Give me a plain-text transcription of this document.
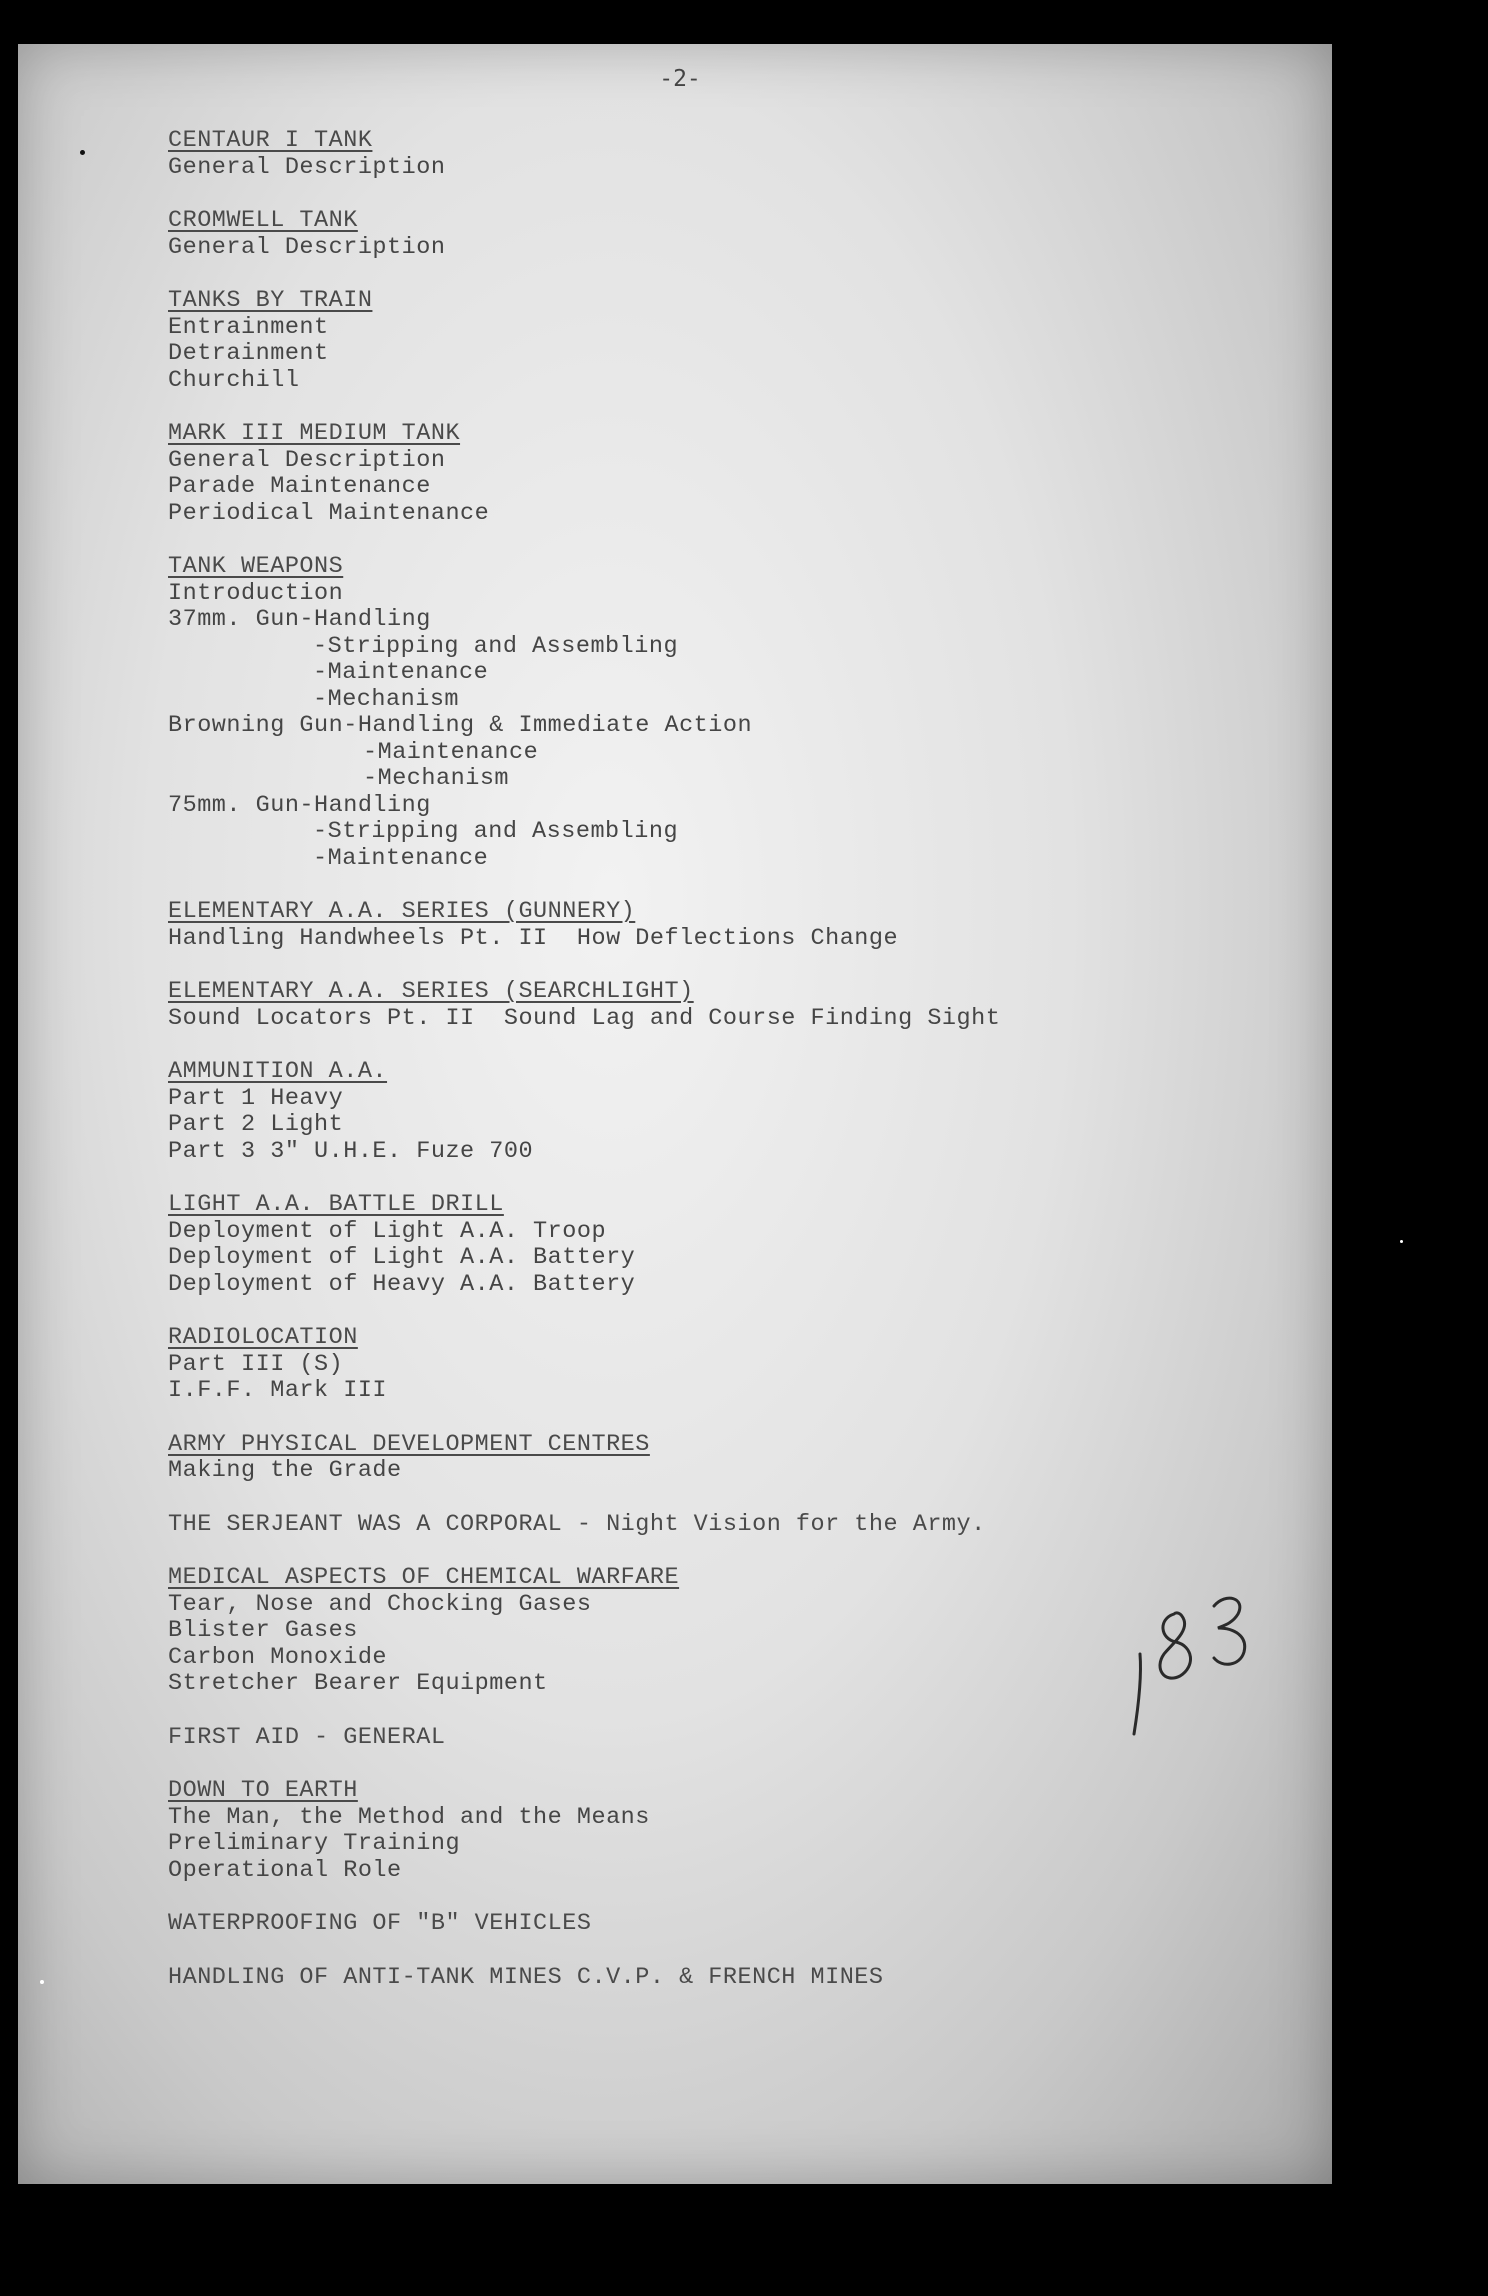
-2-
CENTAUR I TANK
General Description
CROMWELL TANK
General Description
TANKS BY TRAIN
Entrainment
Detrainment
Churchill
MARK III MEDIUM TANK
General Description
Parade Maintenance
Periodical Maintenance
TANK WEAPONS
Introduction
37mm. Gun-Handling
-Stripping and Assembling
-Maintenance
-Mechanism
Browning Gun-Handling & Immediate Action
-Maintenance
-Mechanism
75mm. Gun-Handling
-Stripping and Assembling
-Maintenance
ELEMENTARY A.A. SERIES (GUNNERY)
Handling Handwheels Pt. II  How Deflections Change
ELEMENTARY A.A. SERIES (SEARCHLIGHT)
Sound Locators Pt. II  Sound Lag and Course Finding Sight
AMMUNITION A.A.
Part 1 Heavy
Part 2 Light
Part 3 3" U.H.E. Fuze 700
LIGHT A.A. BATTLE DRILL
Deployment of Light A.A. Troop
Deployment of Light A.A. Battery
Deployment of Heavy A.A. Battery
RADIOLOCATION
Part III (S)
I.F.F. Mark III
ARMY PHYSICAL DEVELOPMENT CENTRES
Making the Grade
THE SERJEANT WAS A CORPORAL - Night Vision for the Army.
MEDICAL ASPECTS OF CHEMICAL WARFARE
Tear, Nose and Chocking Gases
Blister Gases
Carbon Monoxide
Stretcher Bearer Equipment
FIRST AID - GENERAL
DOWN TO EARTH
The Man, the Method and the Means
Preliminary Training
Operational Role
WATERPROOFING OF "B" VEHICLES
HANDLING OF ANTI-TANK MINES C.V.P. & FRENCH MINES
